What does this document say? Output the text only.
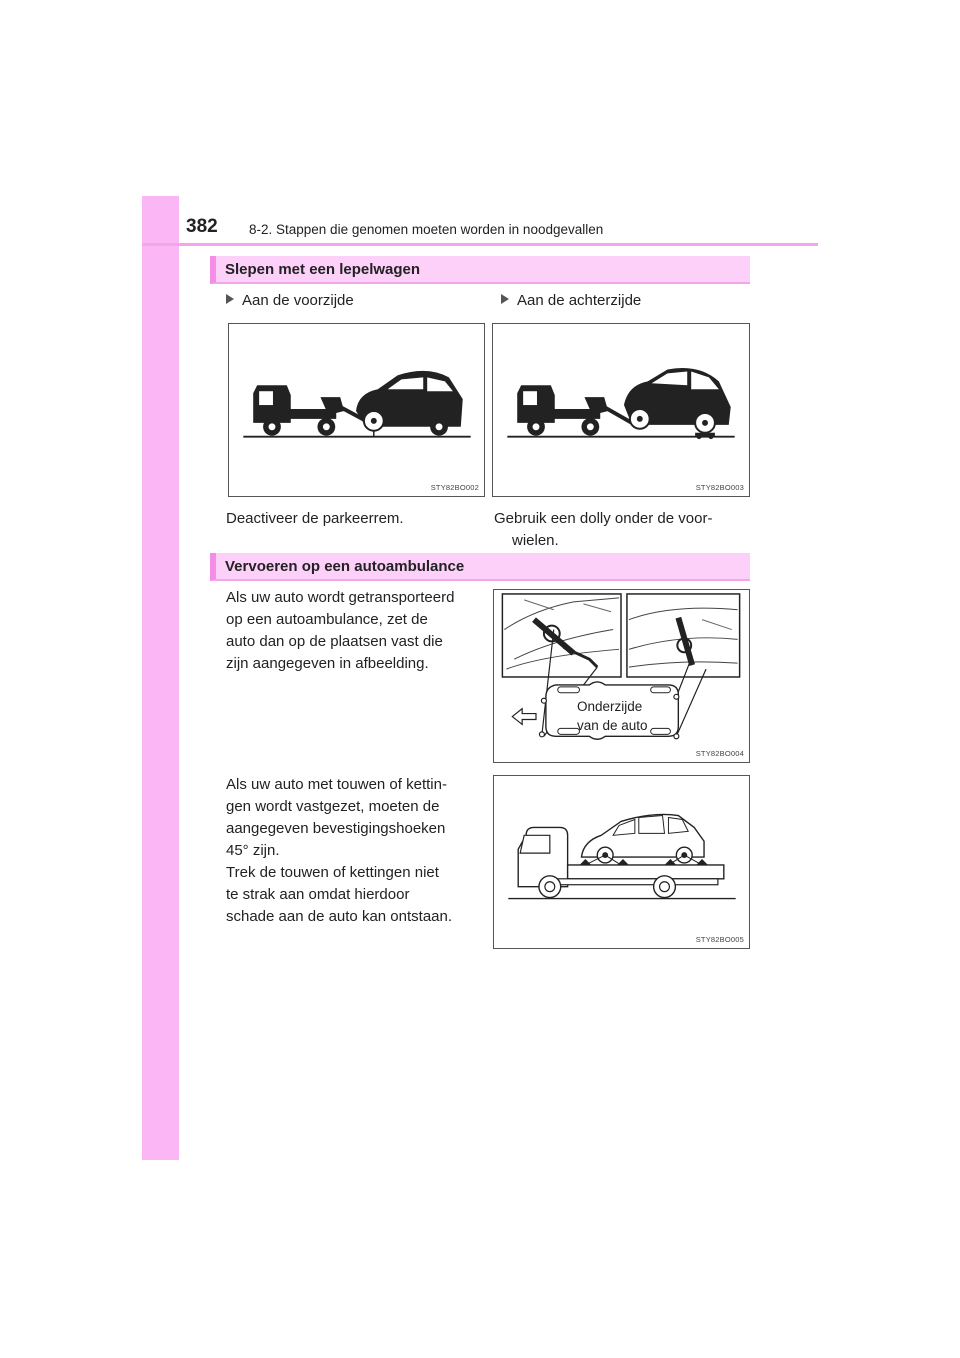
382 8-2. Stappen die genomen moeten worden in noodgevallen
Slepen met een lepelwagen
Aan de voorzijde	Aan de achterzijde
STY82BO002	STY82BO003
Deactiveer de parkeerrem.	Gebruik een dolly onder de voor-
wielen.
Vervoeren op een autoambulance
Als uw auto wordt getransporteerd
op een autoambulance, zet de
auto dan op de plaatsen vast die
zijn aangegeven in afbeelding.
STY82BO004
Onderzijde
van de auto
Als uw auto met touwen of kettin-
gen wordt vastgezet, moeten de
aangegeven bevestigingshoeken
45° zijn.
Trek de touwen of kettingen niet
te strak aan omdat hierdoor
schade aan de auto kan ontstaan.
STY82BO005
